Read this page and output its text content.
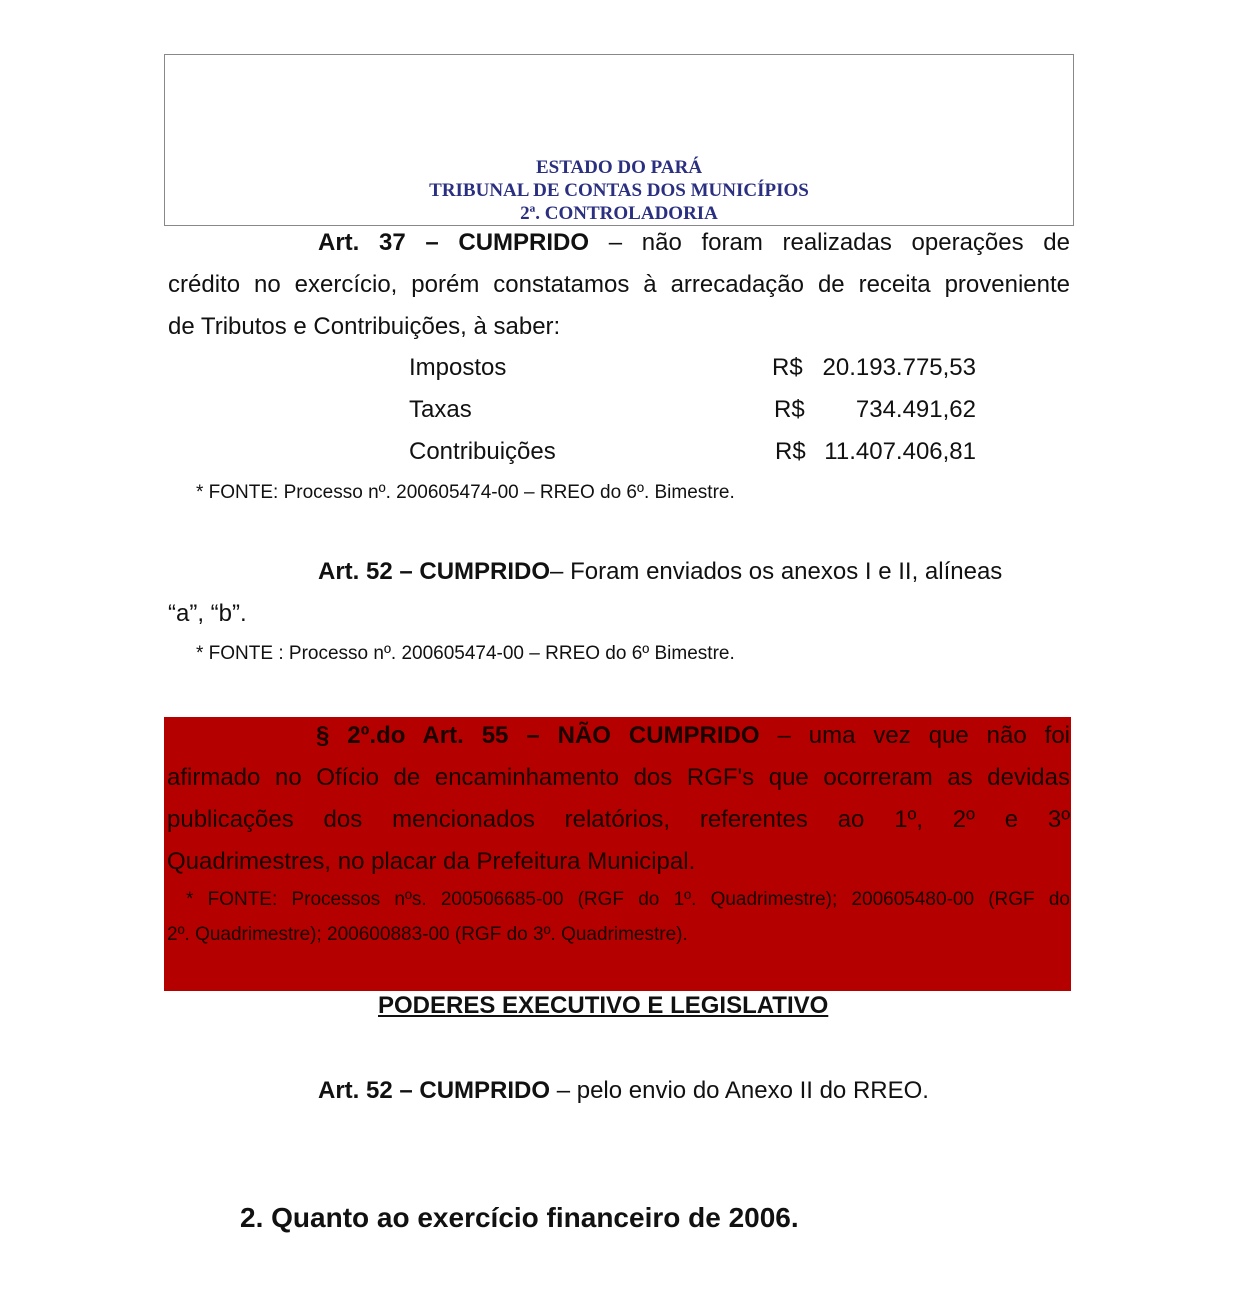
ESTADO DO PARÁ
TRIBUNAL DE CONTAS DOS MUNICÍPIOS
2ª. CONTROLADORIA
Art. 37 – CUMPRIDO – não foram realizadas operações de
crédito no exercício, porém constatamos à arrecadação de receita proveniente
de Tributos e Contribuições, à saber:
Impostos	R$ 20.193.775,53
Taxas	R$	734.491,62
Contribuições	R$ 11.407.406,81
* FONTE: Processo nº. 200605474-00 – RREO do 6º. Bimestre.
Art. 52 – CUMPRIDO– Foram enviados os anexos I e II, alíneas
“a”, “b”.
* FONTE : Processo nº. 200605474-00 – RREO do 6º Bimestre.
§ 2º.do Art. 55 – NÃO CUMPRIDO – uma vez que não foi
afirmado no Ofício de encaminhamento dos RGF's que ocorreram as devidas
publicações dos mencionados relatórios, referentes ao 1º, 2º e 3º
Quadrimestres, no placar da Prefeitura Municipal.
* FONTE: Processos nºs. 200506685-00 (RGF do 1º. Quadrimestre); 200605480-00 (RGF do
2º. Quadrimestre); 200600883-00 (RGF do 3º. Quadrimestre).
PODERES EXECUTIVO E LEGISLATIVO
Art. 52 – CUMPRIDO – pelo envio do Anexo II do RREO.
2. Quanto ao exercício financeiro de 2006.
